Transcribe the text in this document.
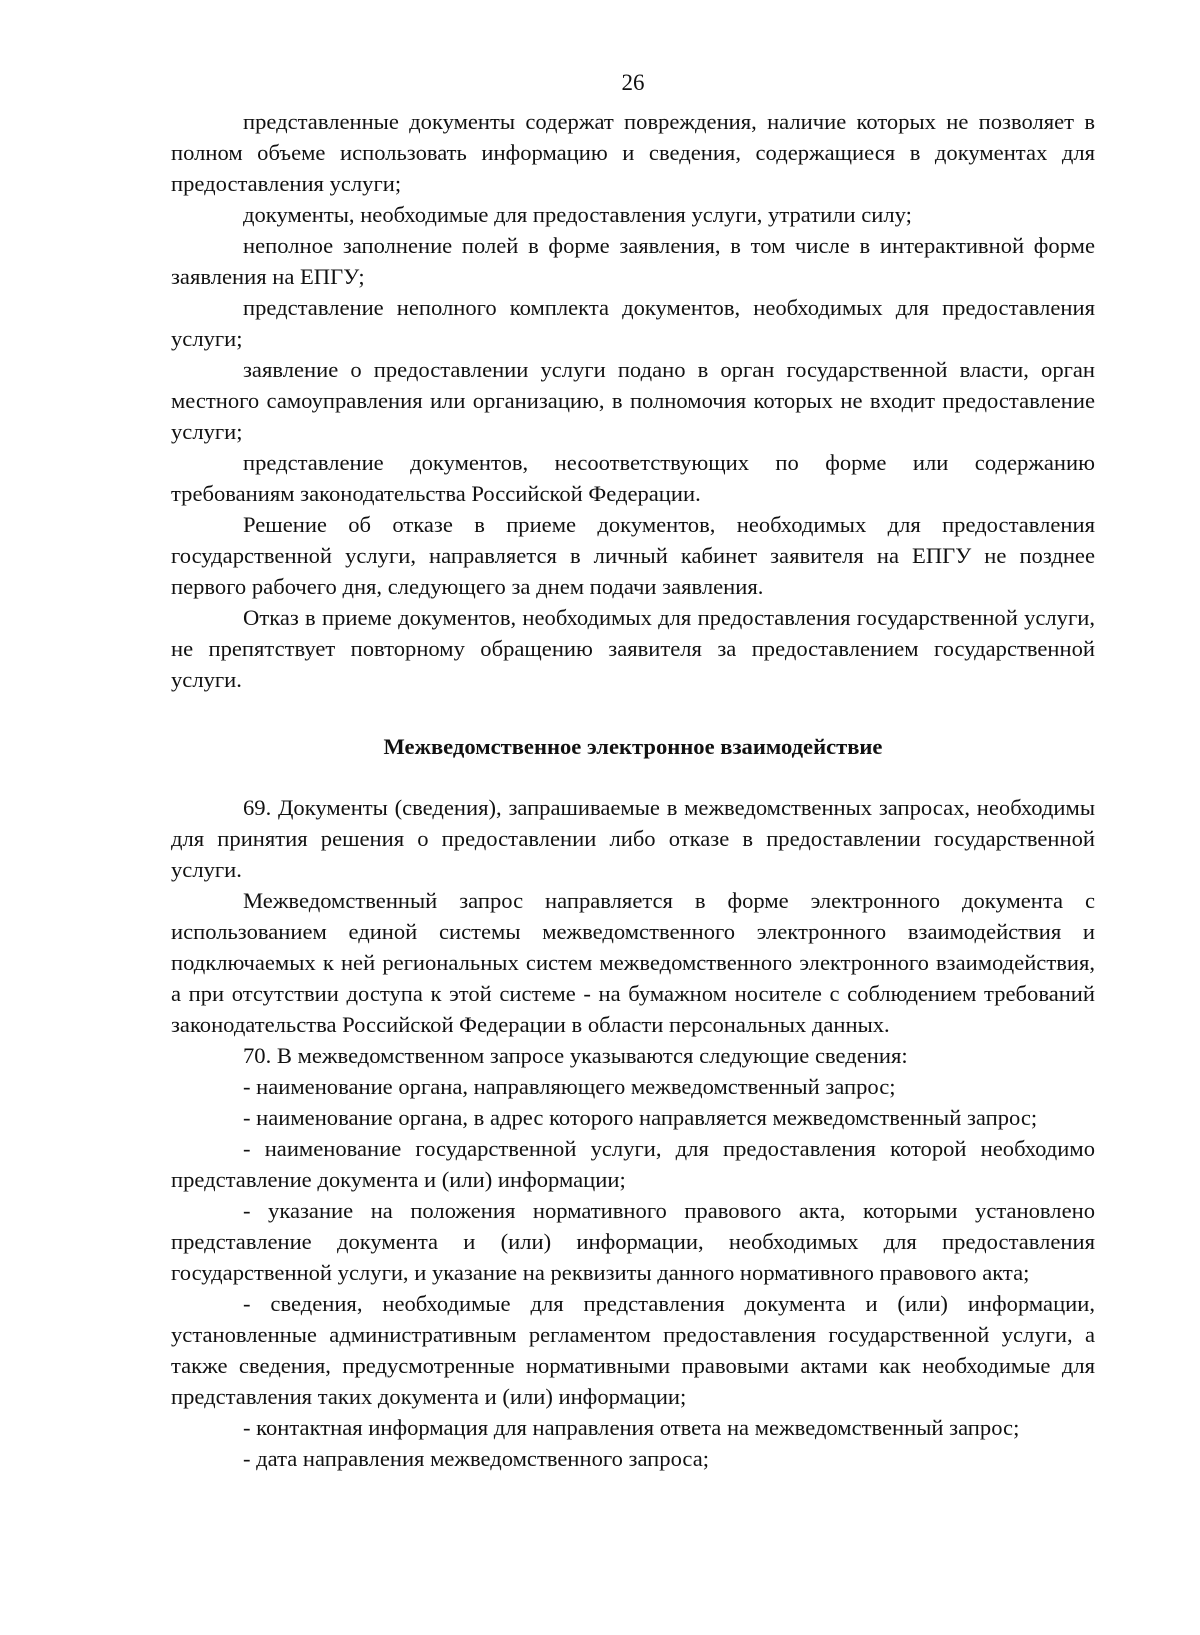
26

представленные документы содержат повреждения, наличие которых не позволяет в полном объеме использовать информацию и сведения, содержащиеся в документах для предоставления услуги;

документы, необходимые для предоставления услуги, утратили силу;

неполное заполнение полей в форме заявления, в том числе в интерактивной форме заявления на ЕПГУ;

представление неполного комплекта документов, необходимых для предоставления услуги;

заявление о предоставлении услуги подано в орган государственной власти, орган местного самоуправления или организацию, в полномочия которых не входит предоставление услуги;

представление документов, несоответствующих по форме или содержанию требованиям законодательства Российской Федерации.

Решение об отказе в приеме документов, необходимых для предоставления государственной услуги, направляется в личный кабинет заявителя на ЕПГУ не позднее первого рабочего дня, следующего за днем подачи заявления.

Отказ в приеме документов, необходимых для предоставления государственной услуги, не препятствует повторному обращению заявителя за предоставлением государственной услуги.

Межведомственное электронное взаимодействие

69. Документы (сведения), запрашиваемые в межведомственных запросах, необходимы для принятия решения о предоставлении либо отказе в предоставлении государственной услуги.

Межведомственный запрос направляется в форме электронного документа с использованием единой системы межведомственного электронного взаимодействия и подключаемых к ней региональных систем межведомственного электронного взаимодействия, а при отсутствии доступа к этой системе - на бумажном носителе с соблюдением требований законодательства Российской Федерации в области персональных данных.

70. В межведомственном запросе указываются следующие сведения:

- наименование органа, направляющего межведомственный запрос;

- наименование органа, в адрес которого направляется межведомственный запрос;

- наименование государственной услуги, для предоставления которой необходимо представление документа и (или) информации;

- указание на положения нормативного правового акта, которыми установлено представление документа и (или) информации, необходимых для предоставления государственной услуги, и указание на реквизиты данного нормативного правового акта;

- сведения, необходимые для представления документа и (или) информации, установленные административным регламентом предоставления государственной услуги, а также сведения, предусмотренные нормативными правовыми актами как необходимые для представления таких документа и (или) информации;

- контактная информация для направления ответа на межведомственный запрос;

- дата направления межведомственного запроса;
